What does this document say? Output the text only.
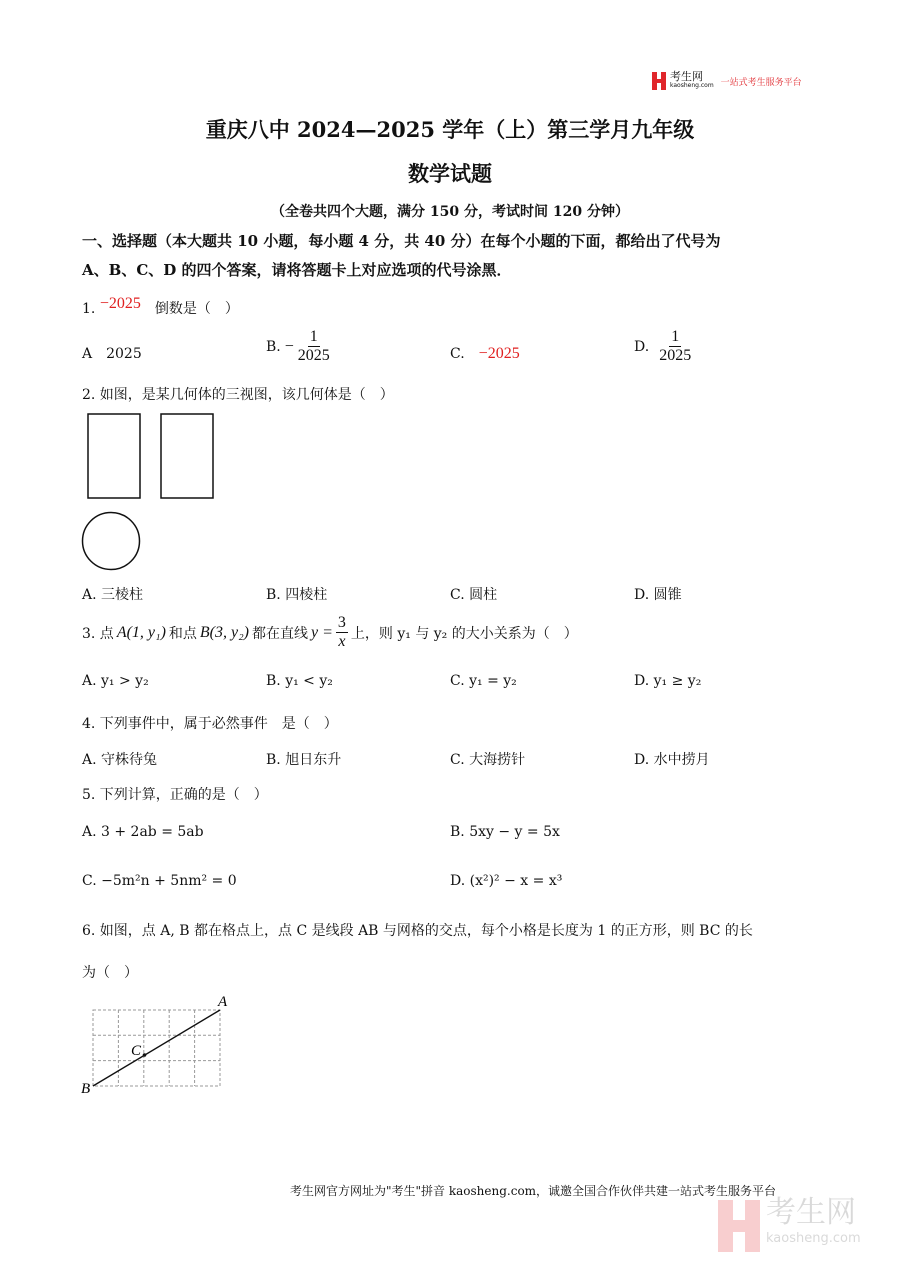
考生网
kaosheng.com 一站式考生服务平台
重庆八中 2024—2025 学年（上）第三学月九年级
数学试题
（全卷共四个大题，满分 150 分，考试时间 120 分钟）
一、选择题（本大题共 10 小题，每小题 4 分，共 40 分）在每个小题的下面，都给出了代号为
A、B、C、D 的四个答案，请将答题卡上对应选项的代号涂黑．
1. −2025　 倒数是（　）
A　2025	B. − $\frac{1}{2025}$	C.　 −2025	D. $\frac{1}{2025}$
2. 如图，是某几何体的三视图，该几何体是（　）
A. 三棱柱	B. 四棱柱	C. 圆柱	D. 圆锥
3. 点 A(1, y₁) 和点 B(3, y₂) 都在直线 $y = \frac{3}{x}$ 上，则 y₁ 与 y₂ 的大小关系为（　）
A. y₁ > y₂	B. y₁ < y₂	C. y₁ = y₂	D. y₁ ≥ y₂
4. 下列事件中，属于必然事件　是（　）
A. 守株待兔	B. 旭日东升	C. 大海捞针	D. 水中捞月
5. 下列计算，正确的是（　）
A. 3 + 2ab = 5ab	B. 5xy − y = 5x
C. −5m²n + 5nm² = 0	D. (x²)² − x = x³
6. 如图，点 A, B 都在格点上，点 C 是线段 AB 与网格的交点，每个小格是长度为 1 的正方形，则 BC 的长
为（　）
A
B
C
考生网官方网址为"考生"拼音 kaosheng.com，诚邀全国合作伙伴共建一站式考生服务平台
考生网
kaosheng.com
